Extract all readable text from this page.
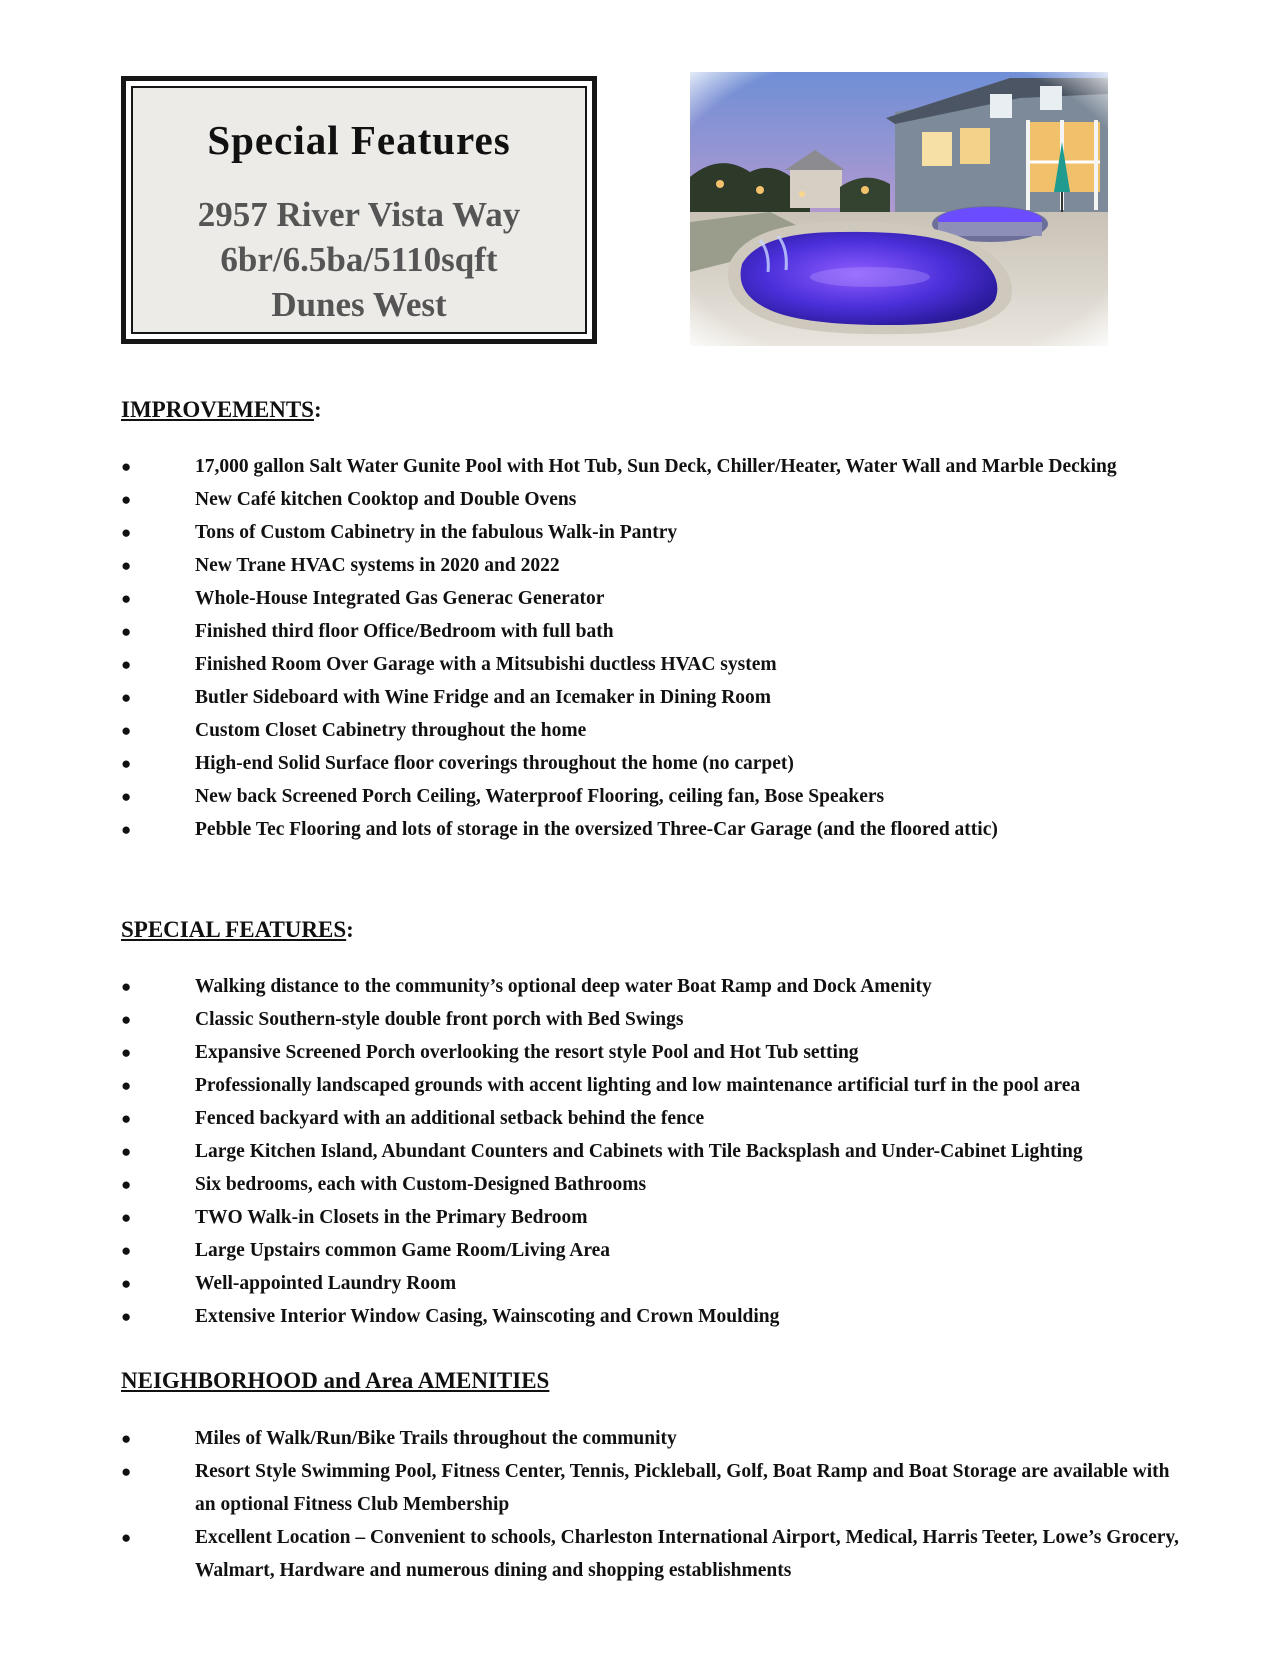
Special Features
2957 River Vista Way
6br/6.5ba/5110sqft
Dunes West
IMPROVEMENTS:
●	17,000 gallon Salt Water Gunite Pool with Hot Tub, Sun Deck, Chiller/Heater, Water Wall and Marble Decking
●	New Café kitchen Cooktop and Double Ovens
●	Tons of Custom Cabinetry in the fabulous Walk-in Pantry
●	New Trane HVAC systems in 2020 and 2022
●	Whole-House Integrated Gas Generac Generator
●	Finished third floor Office/Bedroom with full bath
●	Finished Room Over Garage with a Mitsubishi ductless HVAC system
●	Butler Sideboard with Wine Fridge and an Icemaker in Dining Room
●	Custom Closet Cabinetry throughout the home
●	High-end Solid Surface floor coverings throughout the home (no carpet)
●	New back Screened Porch Ceiling, Waterproof Flooring, ceiling fan, Bose Speakers
●	Pebble Tec Flooring and lots of storage in the oversized Three-Car Garage (and the floored attic)
SPECIAL FEATURES:
●	Walking distance to the community’s optional deep water Boat Ramp and Dock Amenity
●	Classic Southern-style double front porch with Bed Swings
●	Expansive Screened Porch overlooking the resort style Pool and Hot Tub setting
●	Professionally landscaped grounds with accent lighting and low maintenance artificial turf in the pool area
●	Fenced backyard with an additional setback behind the fence
●	Large Kitchen Island, Abundant Counters and Cabinets with Tile Backsplash and Under-Cabinet Lighting
●	Six bedrooms, each with Custom-Designed Bathrooms
●	TWO Walk-in Closets in the Primary Bedroom
●	Large Upstairs common Game Room/Living Area
●	Well-appointed Laundry Room
●	Extensive Interior Window Casing, Wainscoting and Crown Moulding
NEIGHBORHOOD and Area AMENITIES
●	Miles of Walk/Run/Bike Trails throughout the community
●	Resort Style Swimming Pool, Fitness Center, Tennis, Pickleball, Golf, Boat Ramp and Boat Storage are available with an optional Fitness Club Membership
●	Excellent Location – Convenient to schools, Charleston International Airport, Medical, Harris Teeter, Lowe’s Grocery, Walmart, Hardware and numerous dining and shopping establishments
